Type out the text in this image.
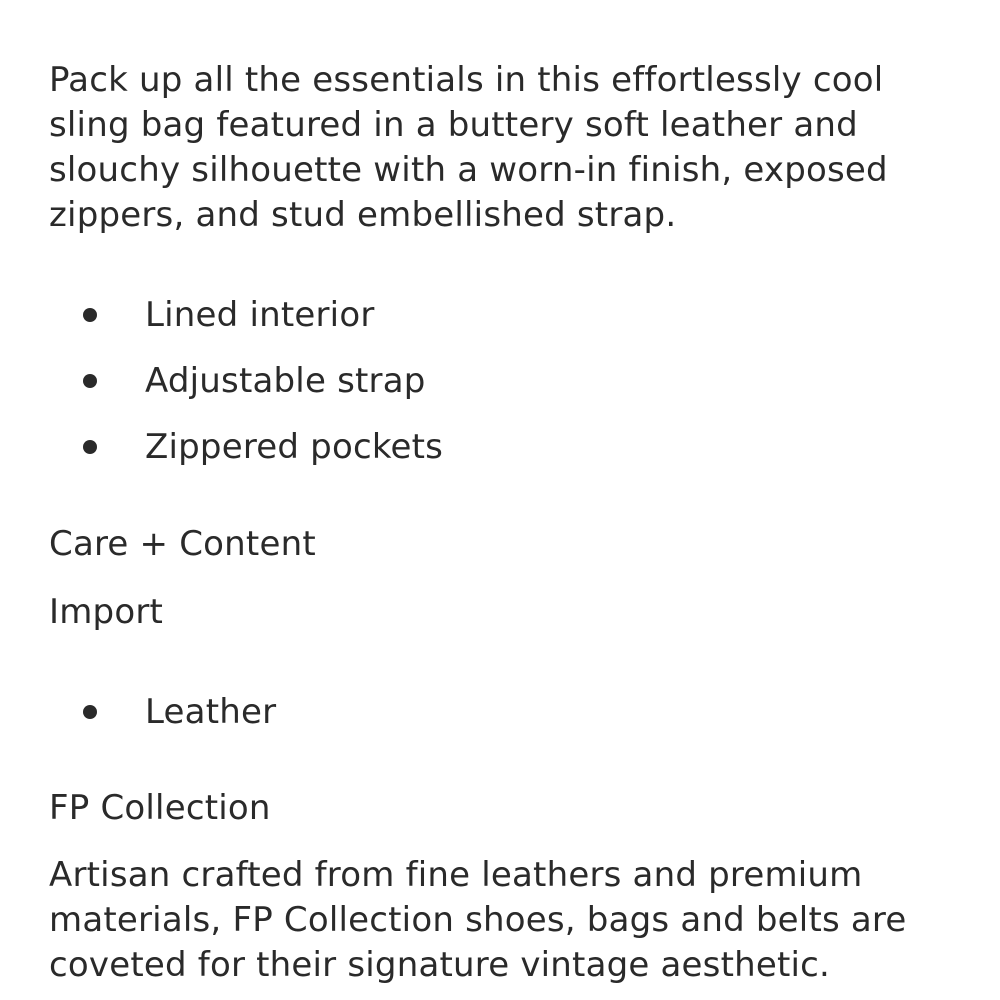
Pack up all the essentials in this effortlessly cool sling bag featured in a buttery soft leather and slouchy silhouette with a worn-in finish, exposed zippers, and stud embellished strap.

Lined interior
Adjustable strap
Zippered pockets
Care + Content

Import

Leather
FP Collection

Artisan crafted from fine leathers and premium materials, FP Collection shoes, bags and belts are coveted for their signature vintage aesthetic.
